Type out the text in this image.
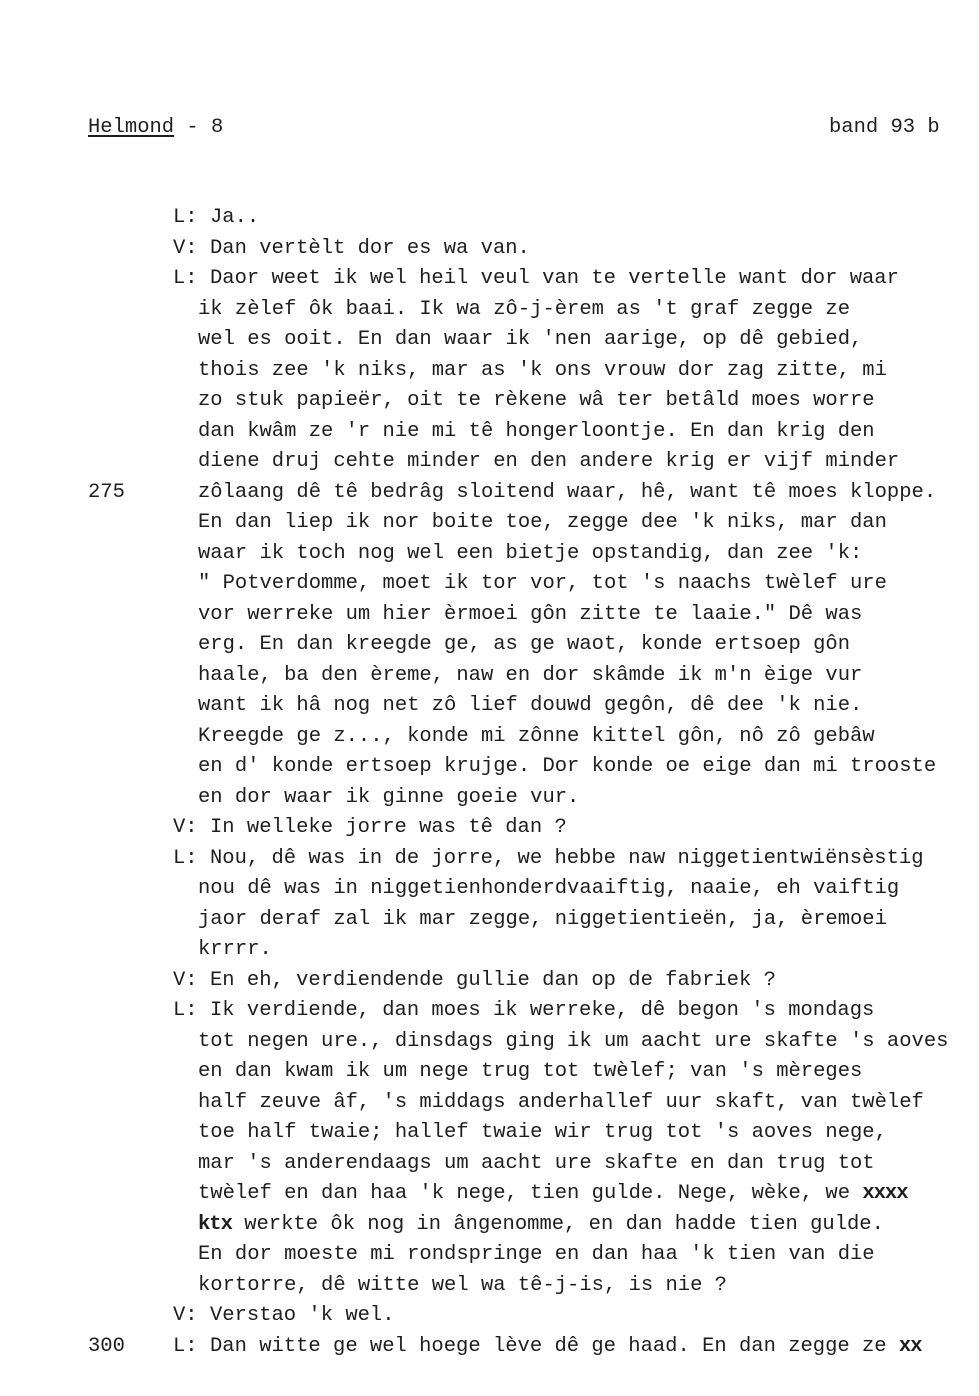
Helmond - 8	band 93 b
L: Ja..
V: Dan vertèlt dor es wa van.
L: Daor weet ik wel heil veul van te vertelle want dor waar
ik zèlef ôk baai. Ik wa zô-j-èrem as 't graf zegge ze
wel es ooit. En dan waar ik 'nen aarige, op dê gebied,
thois zee 'k niks, mar as 'k ons vrouw dor zag zitte, mi
zo stuk papieër, oit te rèkene wâ ter betâld moes worre
dan kwâm ze 'r nie mi tê hongerloontje. En dan krig den
diene druj cehte minder en den andere krig er vijf minder
275	zôlaang dê tê bedrâg sloitend waar, hê, want tê moes kloppe.
En dan liep ik nor boite toe, zegge dee 'k niks, mar dan
waar ik toch nog wel een bietje opstandig, dan zee 'k:
" Potverdomme, moet ik tor vor, tot 's naachs twèlef ure
vor werreke um hier èrmoei gôn zitte te laaie." Dê was
erg. En dan kreegde ge, as ge waot, konde ertsoep gôn
haale, ba den èreme, naw en dor skâmde ik m'n èige vur
want ik hâ nog net zô lief douwd gegôn, dê dee 'k nie.
Kreegde ge z..., konde mi zônne kittel gôn, nô zô gebâw
en d' konde ertsoep krujge. Dor konde oe eige dan mi trooste
en dor waar ik ginne goeie vur.
V: In welleke jorre was tê dan ?
L: Nou, dê was in de jorre, we hebbe naw niggetientwiënsèstig
nou dê was in niggetienhonderdvaaiftig, naaie, eh vaiftig
jaor deraf zal ik mar zegge, niggetientieën, ja, èremoei
krrrr.
V: En eh, verdiendende gullie dan op de fabriek ?
L: Ik verdiende, dan moes ik werreke, dê begon 's mondags
tot negen ure., dinsdags ging ik um aacht ure skafte 's aoves
en dan kwam ik um nege trug tot twèlef; van 's mèreges
half zeuve âf, 's middags anderhallef uur skaft, van twèlef
toe half twaie; hallef twaie wir trug tot 's aoves nege,
mar 's anderendaags um aacht ure skafte en dan trug tot
twèlef en dan haa 'k nege, tien gulde. Nege, wèke, we xxxx
ktx werkte ôk nog in ângenomme, en dan hadde tien gulde.
En dor moeste mi rondspringe en dan haa 'k tien van die
kortorre, dê witte wel wa tê-j-is, is nie ?
V: Verstao 'k wel.
300 L: Dan witte ge wel hoege lève dê ge haad. En dan zegge ze xx
